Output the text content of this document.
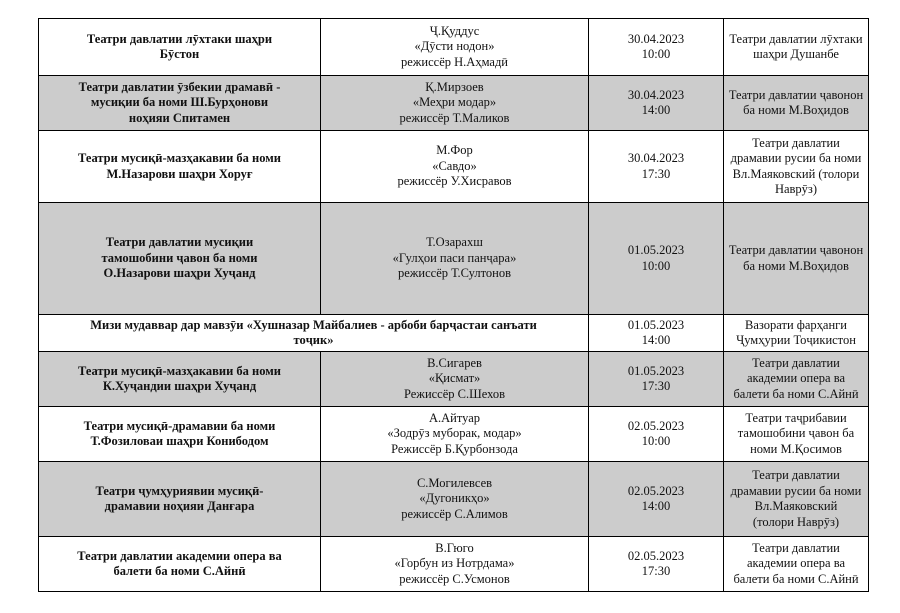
Театри давлатии лӯхтаки шаҳри
Бӯстон	Ҷ.Қуддус
«Дӯсти нодон»
режиссёр Н.Аҳмадӣ	30.04.2023
10:00	Театри давлатии лӯхтаки
шаҳри Душанбе

Театри давлатии ӯзбекии драмавӣ -
мусиқии ба номи Ш.Бурҳонови
ноҳияи Спитамен	Қ.Мирзоев
«Меҳри модар»
режиссёр Т.Маликов	30.04.2023
14:00	Театри давлатии ҷавонон
ба номи М.Воҳидов

Театри мусиқӣ-мазҳакавии ба номи
М.Назарови шаҳри Хоруғ	М.Фор
«Савдо»
режиссёр У.Хисравов	30.04.2023
17:30	Театри давлатии
драмавии русии ба номи
Вл.Маяковский (толори
Наврӯз)

Театри давлатии мусиқии
тамошобини ҷавон ба номи
О.Назарови шаҳри Хуҷанд	Т.Озарахш
«Гулҳои паси панҷара»
режиссёр Т.Султонов	01.05.2023
10:00	Театри давлатии ҷавонон
ба номи М.Воҳидов

Мизи мудаввар дар мавзӯи «Хушназар Майбалиев - арбоби барҷастаи санъати
тоҷик»		01.05.2023
14:00	Вазорати фарҳанги
Ҷумҳурии Тоҷикистон

Театри мусиқӣ-мазҳакавии ба номи
К.Хуҷандии шаҳри Хуҷанд	В.Сигарев
«Қисмат»
Режиссёр С.Шехов	01.05.2023
17:30	Театри давлатии
академии опера ва
балети ба номи С.Айнӣ

Театри мусиқӣ-драмавии ба номи
Т.Фозиловаи шаҳри Конибодом	А.Айтуар
«Зодрӯз муборак, модар»
Режиссёр Б.Қурбонзода	02.05.2023
10:00	Театри таҷрибавии
тамошобини ҷавон ба
номи М.Қосимов

Театри ҷумҳуриявии мусиқӣ-
драмавии ноҳияи Данғара	С.Могилевсев
«Дугоникҳо»
режиссёр С.Алимов	02.05.2023
14:00	Театри давлатии
драмавии русии ба номи
Вл.Маяковский
(толори Наврӯз)

Театри давлатии академии опера ва
балети ба номи С.Айнӣ	В.Гюго
«Горбун из Нотрдама»
режиссёр С.Усмонов	02.05.2023
17:30	Театри давлатии
академии опера ва
балети ба номи С.Айнӣ
